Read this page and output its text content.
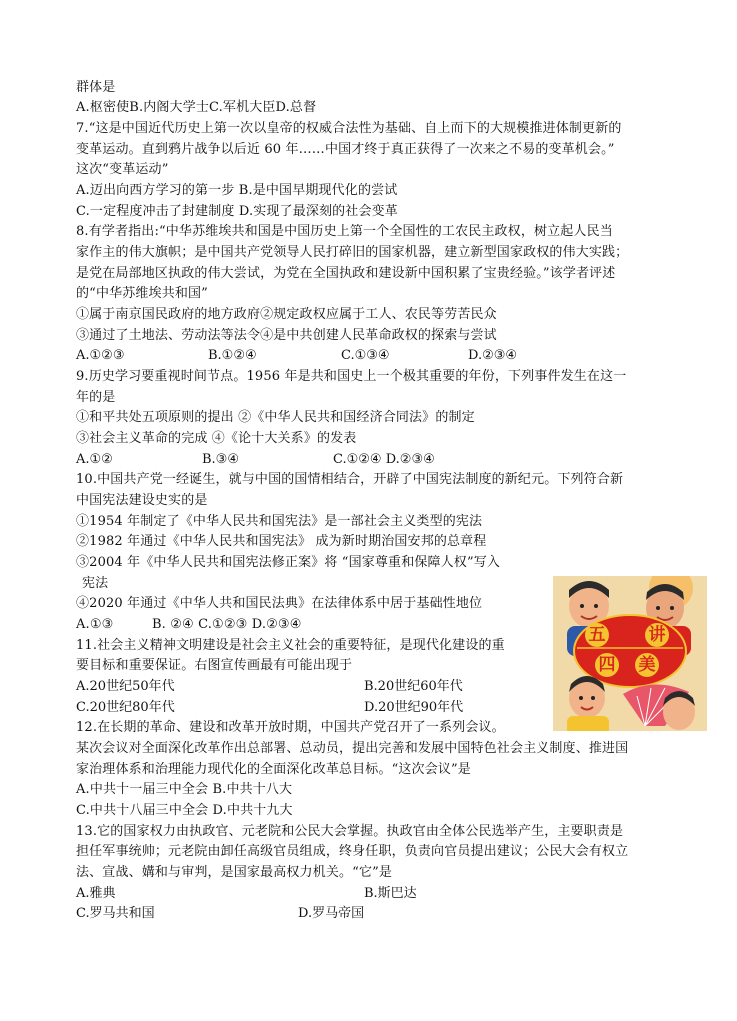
群体是
A.枢密使B.内阁大学士C.军机大臣D.总督
7.“这是中国近代历史上第一次以皇帝的权威合法性为基础、自上而下的大规模推进体制更新的
变革运动。直到鸦片战争以后近 60 年……中国才终于真正获得了一次来之不易的变革机会。”
这次“变革运动”
A.迈出向西方学习的第一步 B.是中国早期现代化的尝试
C.一定程度冲击了封建制度 D.实现了最深刻的社会变革
8.有学者指出:“中华苏维埃共和国是中国历史上第一个全国性的工农民主政权，树立起人民当
家作主的伟大旗帜；是中国共产党领导人民打碎旧的国家机器，建立新型国家政权的伟大实践；
是党在局部地区执政的伟大尝试，为党在全国执政和建设新中国积累了宝贵经验。”该学者评述
的“中华苏维埃共和国”
①属于南京国民政府的地方政府②规定政权应属于工人、农民等劳苦民众
③通过了土地法、劳动法等法令④是中共创建人民革命政权的探索与尝试
A.①②③	B.①②④	C.①③④	D.②③④
9.历史学习要重视时间节点。1956 年是共和国史上一个极其重要的年份，下列事件发生在这一
年的是
①和平共处五项原则的提出 ②《中华人民共和国经济合同法》的制定
③社会主义革命的完成 ④《论十大关系》的发表
A.①②	B.③④	C.①②④ D.②③④
10.中国共产党一经诞生，就与中国的国情相结合，开辟了中国宪法制度的新纪元。下列符合新
中国宪法建设史实的是
①1954 年制定了《中华人民共和国宪法》是一部社会主义类型的宪法
②1982 年通过《中华人民共和国宪法》 成为新时期治国安邦的总章程
③2004 年《中华人民共和国宪法修正案》将 “国家尊重和保障人权”写入
宪法
④2020 年通过《中华人共和国民法典》在法律体系中居于基础性地位
A.①③         B. ②④ C.①②③ D.②③④
11.社会主义精神文明建设是社会主义社会的重要特征，是现代化建设的重
要目标和重要保证。右图宣传画最有可能出现于
A.20世纪50年代	B.20世纪60年代
C.20世纪80年代	D.20世纪90年代
12.在长期的革命、建设和改革开放时期，中国共产党召开了一系列会议。
某次会议对全面深化改革作出总部署、总动员，提出完善和发展中国特色社会主义制度、推进国
家治理体系和治理能力现代化的全面深化改革总目标。“这次会议”是
A.中共十一届三中全会 B.中共十八大
C.中共十八届三中全会 D.中共十九大
13.它的国家权力由执政官、元老院和公民大会掌握。执政官由全体公民选举产生，主要职责是
担任军事统帅；元老院由卸任高级官员组成，终身任职，负责向官员提出建议；公民大会有权立
法、宣战、媾和与审判，是国家最高权力机关。“它”是
A.雅典	B.斯巴达
C.罗马共和国	D.罗马帝国
五	讲
四 美
